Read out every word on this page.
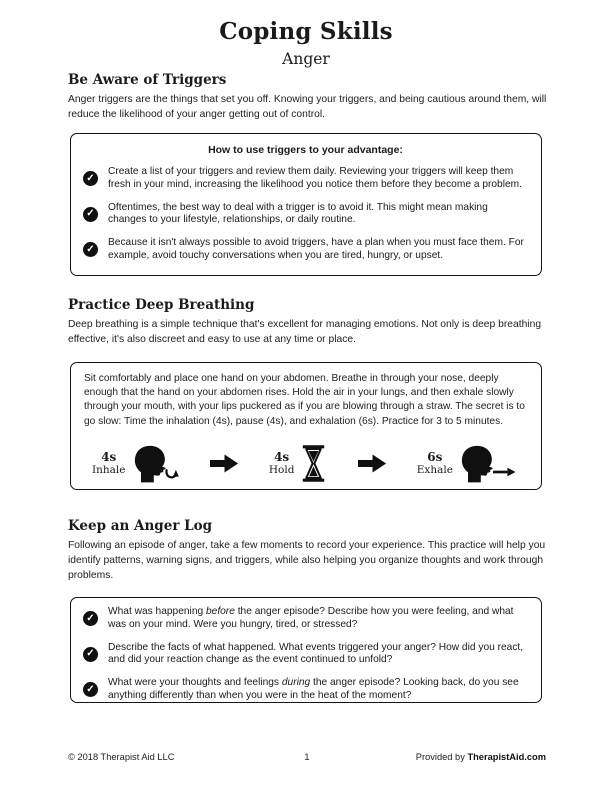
Coping Skills
Anger
Be Aware of Triggers
Anger triggers are the things that set you off. Knowing your triggers, and being cautious around them, will reduce the likelihood of your anger getting out of control.
How to use triggers to your advantage:
✓
Create a list of your triggers and review them daily. Reviewing your triggers will keep them fresh in your mind, increasing the likelihood you notice them before they become a problem.
✓
Oftentimes, the best way to deal with a trigger is to avoid it. This might mean making changes to your lifestyle, relationships, or daily routine.
✓
Because it isn't always possible to avoid triggers, have a plan when you must face them. For example, avoid touchy conversations when you are tired, hungry, or upset.
Practice Deep Breathing
Deep breathing is a simple technique that's excellent for managing emotions. Not only is deep breathing effective, it's also discreet and easy to use at any time or place.
Sit comfortably and place one hand on your abdomen. Breathe in through your nose, deeply enough that the hand on your abdomen rises. Hold the air in your lungs, and then exhale slowly through your mouth, with your lips puckered as if you are blowing through a straw. The secret is to go slow: Time the inhalation (4s), pause (4s), and exhalation (6s). Practice for 3 to 5 minutes.
4s
Inhale
4s
Hold
6s
Exhale
Keep an Anger Log
Following an episode of anger, take a few moments to record your experience. This practice will help you identify patterns, warning signs, and triggers, while also helping you organize thoughts and work through problems.
✓
What was happening before the anger episode? Describe how you were feeling, and what was on your mind. Were you hungry, tired, or stressed?
✓
Describe the facts of what happened. What events triggered your anger? How did you react, and did your reaction change as the event continued to unfold?
✓
What were your thoughts and feelings during the anger episode? Looking back, do you see anything differently than when you were in the heat of the moment?
© 2018 Therapist Aid LLC	1	Provided by TherapistAid.com
